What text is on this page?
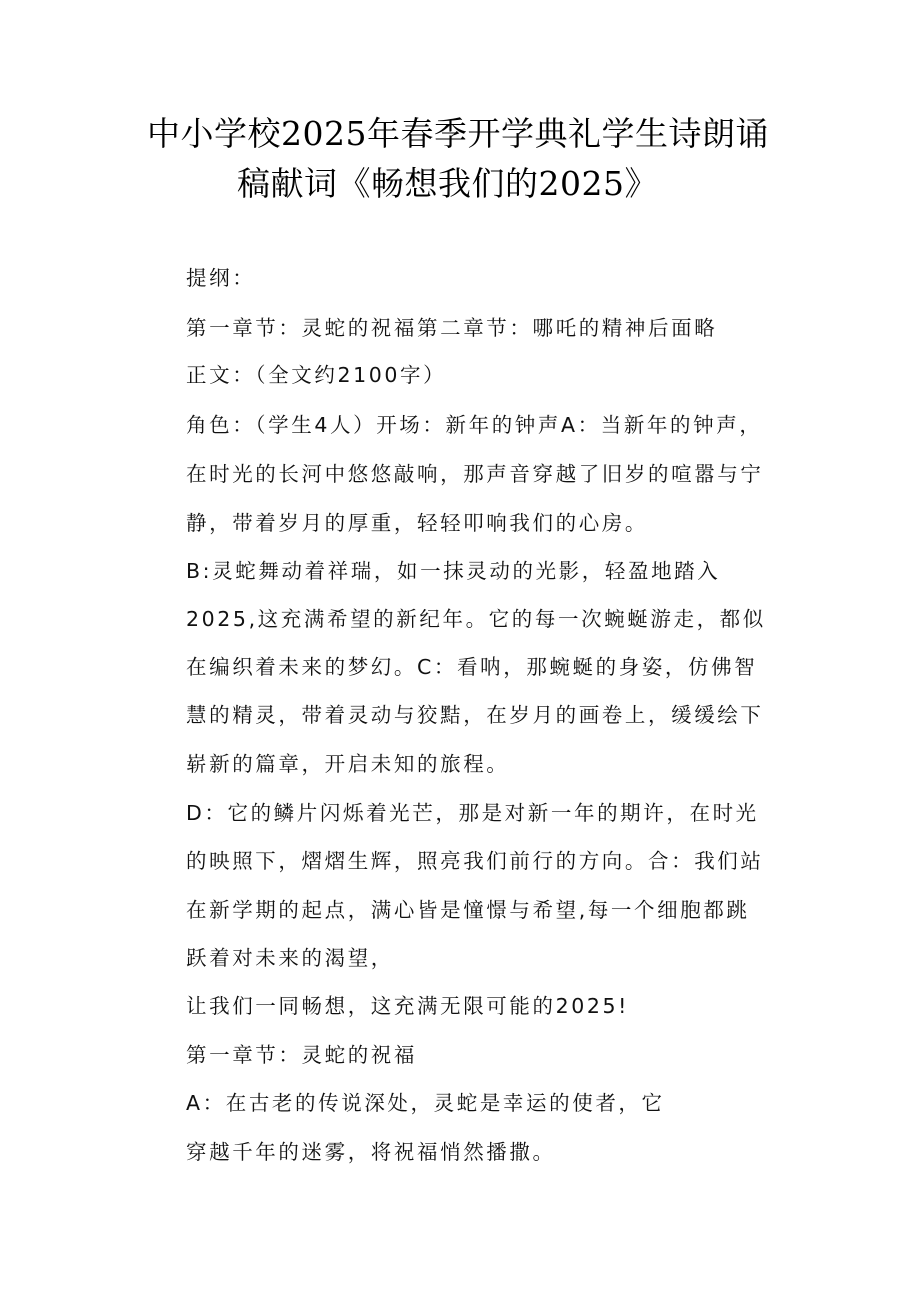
中小学校2025年春季开学典礼学生诗朗诵
稿献词《畅想我们的2025》
提纲：
第一章节：灵蛇的祝福第二章节：哪吒的精神后面略
正文：（全文约2100字）
角色：（学生4人）开场：新年的钟声A：当新年的钟声，
在时光的长河中悠悠敲响，那声音穿越了旧岁的喧嚣与宁
静，带着岁月的厚重，轻轻叩响我们的心房。
B:灵蛇舞动着祥瑞，如一抹灵动的光影，轻盈地踏入
2025,这充满希望的新纪年。它的每一次蜿蜒游走，都似
在编织着未来的梦幻。C：看呐，那蜿蜒的身姿，仿佛智
慧的精灵，带着灵动与狡黠，在岁月的画卷上，缓缓绘下
崭新的篇章，开启未知的旅程。
D：它的鳞片闪烁着光芒，那是对新一年的期许，在时光
的映照下，熠熠生辉，照亮我们前行的方向。合：我们站
在新学期的起点，满心皆是憧憬与希望,每一个细胞都跳
跃着对未来的渴望，
让我们一同畅想，这充满无限可能的2025!
第一章节：灵蛇的祝福
A：在古老的传说深处，灵蛇是幸运的使者，它
穿越千年的迷雾，将祝福悄然播撒。
